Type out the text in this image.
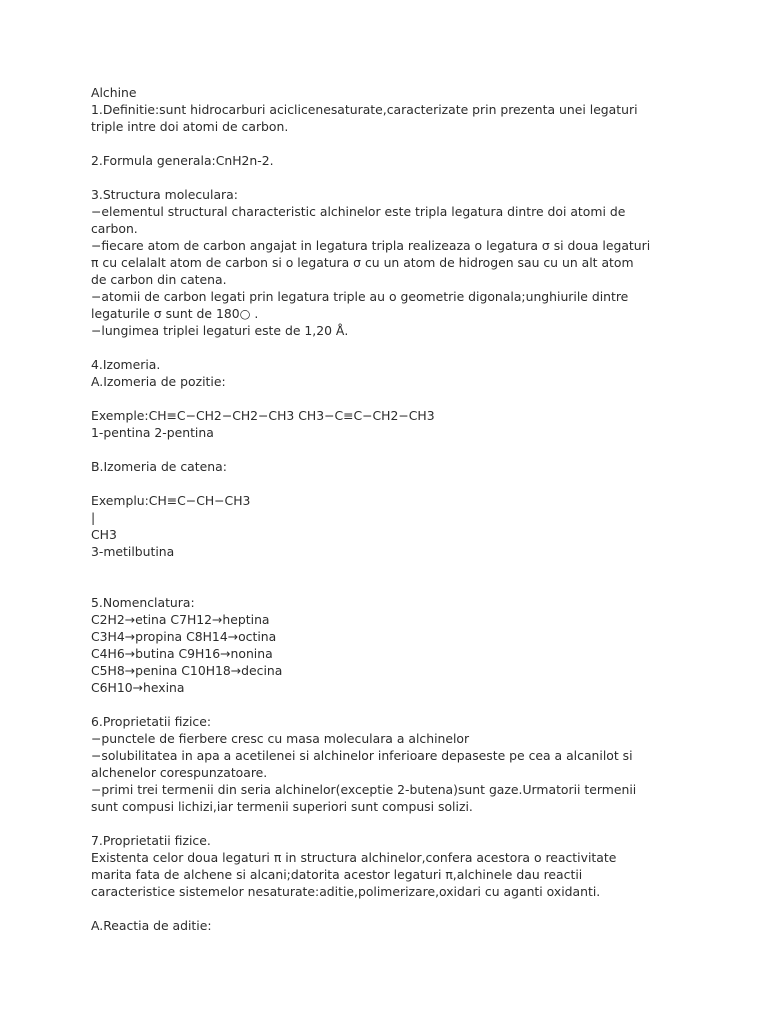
Alchine
1.Definitie:sunt hidrocarburi aciclicenesaturate,caracterizate prin prezenta unei legaturi
triple intre doi atomi de carbon.
2.Formula generala:CnH2n-2.
3.Structura moleculara:
−elementul structural characteristic alchinelor este tripla legatura dintre doi atomi de
carbon.
−fiecare atom de carbon angajat in legatura tripla realizeaza o legatura σ si doua legaturi
π cu celalalt atom de carbon si o legatura σ cu un atom de hidrogen sau cu un alt atom
de carbon din catena.
−atomii de carbon legati prin legatura triple au o geometrie digonala;unghiurile dintre
legaturile σ sunt de 180○ .
−lungimea triplei legaturi este de 1,20 Å.
4.Izomeria.
A.Izomeria de pozitie:
Exemple:CH≡C−CH2−CH2−CH3 CH3−C≡C−CH2−CH3
1-pentina 2-pentina
B.Izomeria de catena:
Exemplu:CH≡C−CH−CH3
|
CH3
3-metilbutina
5.Nomenclatura:
C2H2→etina C7H12→heptina
C3H4→propina C8H14→octina
C4H6→butina C9H16→nonina
C5H8→penina C10H18→decina
C6H10→hexina
6.Proprietatii fizice:
−punctele de fierbere cresc cu masa moleculara a alchinelor
−solubilitatea in apa a acetilenei si alchinelor inferioare depaseste pe cea a alcanilot si
alchenelor corespunzatoare.
−primi trei termenii din seria alchinelor(exceptie 2-butena)sunt gaze.Urmatorii termenii
sunt compusi lichizi,iar termenii superiori sunt compusi solizi.
7.Proprietatii fizice.
Existenta celor doua legaturi π in structura alchinelor,confera acestora o reactivitate
marita fata de alchene si alcani;datorita acestor legaturi π,alchinele dau reactii
caracteristice sistemelor nesaturate:aditie,polimerizare,oxidari cu aganti oxidanti.
A.Reactia de aditie:
